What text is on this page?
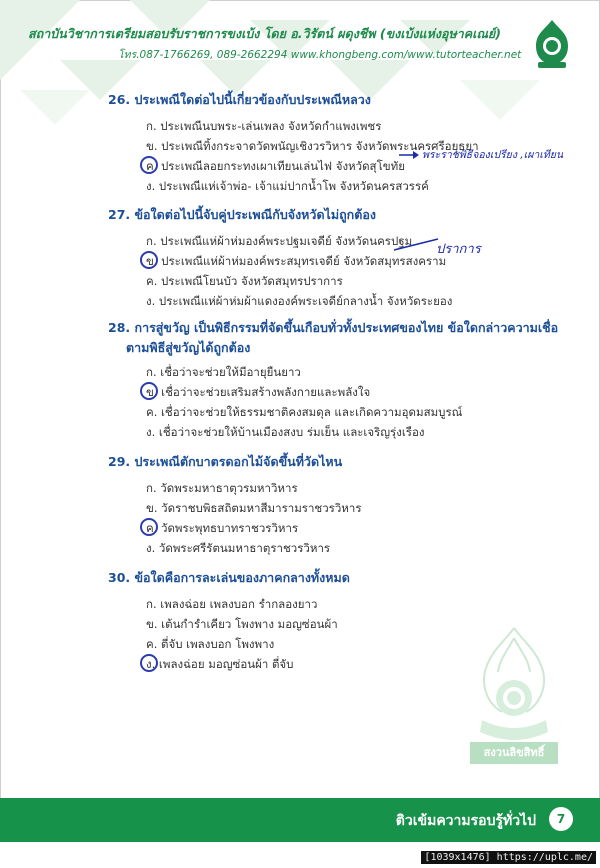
สถาบันวิชาการเตรียมสอบรับราชการขงเบ้ง โดย อ.วิรัตน์ ผดุงชีพ (ขงเบ้งแห่งอุษาคเณย์)
โทร.087-1766269, 089-2662294 www.khongbeng.com/www.tutorteacher.net
26. ประเพณีใดต่อไปนี้เกี่ยวข้องกับประเพณีหลวง
ก. ประเพณีนบพระ-เล่นเพลง จังหวัดกำแพงเพชร
ข. ประเพณีทิ้งกระจาดวัดพนัญเชิงวรวิหาร จังหวัดพระนครศรีอยุธยา
ค. ประเพณีลอยกระทงเผาเทียนเล่นไฟ จังหวัดสุโขทัย
ง. ประเพณีแห่เจ้าพ่อ- เจ้าแม่ปากน้ำโพ จังหวัดนครสวรรค์
พระราชพิธีจองเปรียง ,เผาเทียน
27. ข้อใดต่อไปนี้จับคู่ประเพณีกับจังหวัดไม่ถูกต้อง
ก. ประเพณีแห่ผ้าห่มองค์พระปฐมเจดีย์ จังหวัดนครปฐม
ข. ประเพณีแห่ผ้าห่มองค์พระสมุทรเจดีย์ จังหวัดสมุทรสงคราม
ค. ประเพณีโยนบัว จังหวัดสมุทรปราการ
ง. ประเพณีแห่ผ้าห่มผ้าแดงองค์พระเจดีย์กลางน้ำ จังหวัดระยอง
ปราการ
28. การสู่ขวัญ เป็นพิธีกรรมที่จัดขึ้นเกือบทั่วทั้งประเทศของไทย ข้อใดกล่าวความเชื่อ
ตามพิธีสู่ขวัญได้ถูกต้อง
ก. เชื่อว่าจะช่วยให้มีอายุยืนยาว
ข. เชื่อว่าจะช่วยเสริมสร้างพลังกายและพลังใจ
ค. เชื่อว่าจะช่วยให้ธรรมชาติคงสมดุล และเกิดความอุดมสมบูรณ์
ง. เชื่อว่าจะช่วยให้บ้านเมืองสงบ ร่มเย็น และเจริญรุ่งเรือง
29. ประเพณีตักบาตรดอกไม้จัดขึ้นที่วัดไหน
ก. วัดพระมหาธาตุวรมหาวิหาร
ข. วัดราชบพิธสถิตมหาสีมารามราชวรวิหาร
ค. วัดพระพุทธบาทราชวรวิหาร
ง. วัดพระศรีรัตนมหาธาตุราชวรวิหาร
30. ข้อใดคือการละเล่นของภาคกลางทั้งหมด
ก. เพลงฉ่อย เพลงบอก รำกลองยาว
ข. เต้นกำรำเคียว โพงพาง มอญซ่อนผ้า
ค. ตี่จับ เพลงบอก โพงพาง
ง. เพลงฉ่อย มอญซ่อนผ้า ตี่จับ
สงวนลิขสิทธิ์
ติวเข้มความรอบรู้ทั่วไป	7
[1039x1476] https://uplc.me/
